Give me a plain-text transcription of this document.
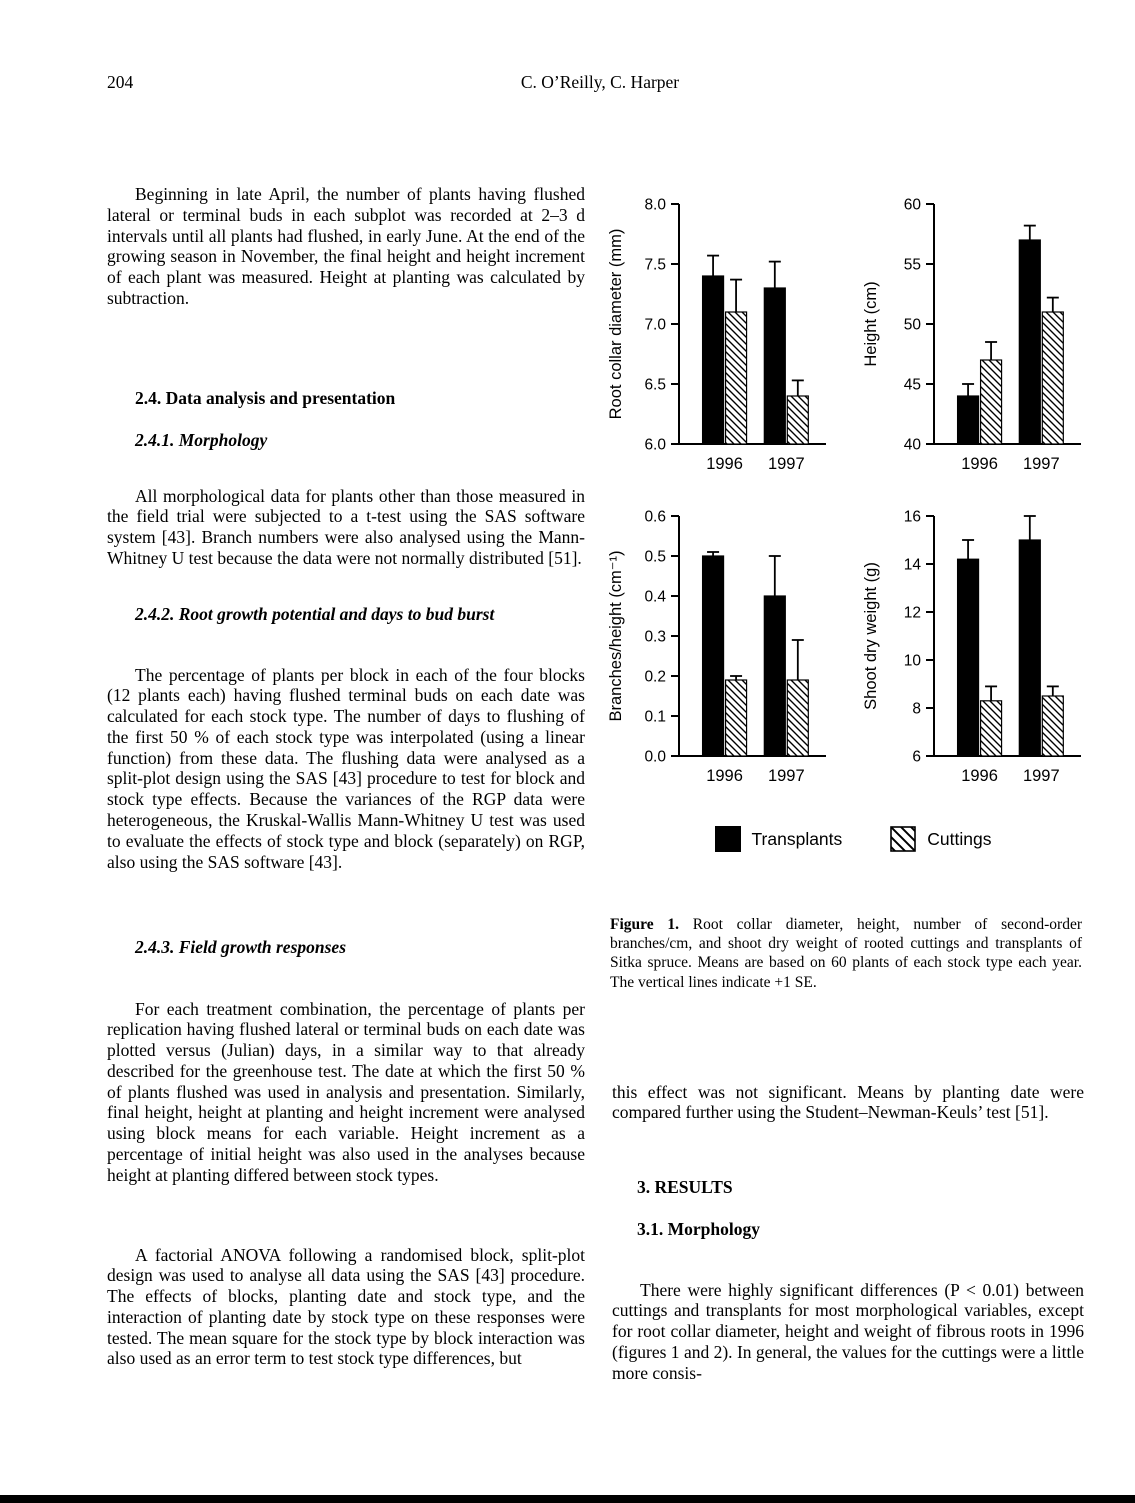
204	C. O’Reilly, C. Harper

Beginning in late April, the number of plants having flushed lateral or terminal buds in each subplot was recorded at 2–3 d intervals until all plants had flushed, in early June. At the end of the growing season in November, the final height and height increment of each plant was measured. Height at planting was calculated by subtraction.

2.4. Data analysis and presentation

2.4.1. Morphology

All morphological data for plants other than those measured in the field trial were subjected to a t-test using the SAS software system [43]. Branch numbers were also analysed using the Mann-Whitney U test because the data were not normally distributed [51].

2.4.2. Root growth potential and days to bud burst

The percentage of plants per block in each of the four blocks (12 plants each) having flushed terminal buds on each date was calculated for each stock type. The number of days to flushing of the first 50 % of each stock type was interpolated (using a linear function) from these data. The flushing data were analysed as a split-plot design using the SAS [43] procedure to test for block and stock type effects. Because the variances of the RGP data were heterogeneous, the Kruskal-Wallis Mann-Whitney U test was used to evaluate the effects of stock type and block (separately) on RGP, also using the SAS software [43].

2.4.3. Field growth responses

For each treatment combination, the percentage of plants per replication having flushed lateral or terminal buds on each date was plotted versus (Julian) days, in a similar way to that already described for the greenhouse test. The date at which the first 50 % of plants flushed was used in analysis and presentation. Similarly, final height, height at planting and height increment were analysed using block means for each variable. Height increment as a percentage of initial height was also used in the analyses because height at planting differed between stock types.

A factorial ANOVA following a randomised block, split-plot design was used to analyse all data using the SAS [43] procedure. The effects of blocks, planting date and stock type, and the interaction of planting date by stock type on these responses were tested. The mean square for the stock type by block interaction was also used as an error term to test stock type differences, but

Root collar diameter (mm)
6.0
6.5
7.0
7.5
8.0
1996 1997
Height (cm)
40
45
50
55
60
1996 1997
Branches/height (cm⁻¹)
0.0
0.1
0.2
0.3
0.4
0.5
0.6
1996 1997
Shoot dry weight (g)
6
8
10
12
14
16
1996 1997
Transplants	Cuttings

Figure 1. Root collar diameter, height, number of second-order branches/cm, and shoot dry weight of rooted cuttings and transplants of Sitka spruce. Means are based on 60 plants of each stock type each year. The vertical lines indicate +1 SE.

this effect was not significant. Means by planting date were compared further using the Student–Newman-Keuls’ test [51].

3. RESULTS

3.1. Morphology

There were highly significant differences (P < 0.01) between cuttings and transplants for most morphological variables, except for root collar diameter, height and weight of fibrous roots in 1996 (figures 1 and 2). In general, the values for the cuttings were a little more consis-
